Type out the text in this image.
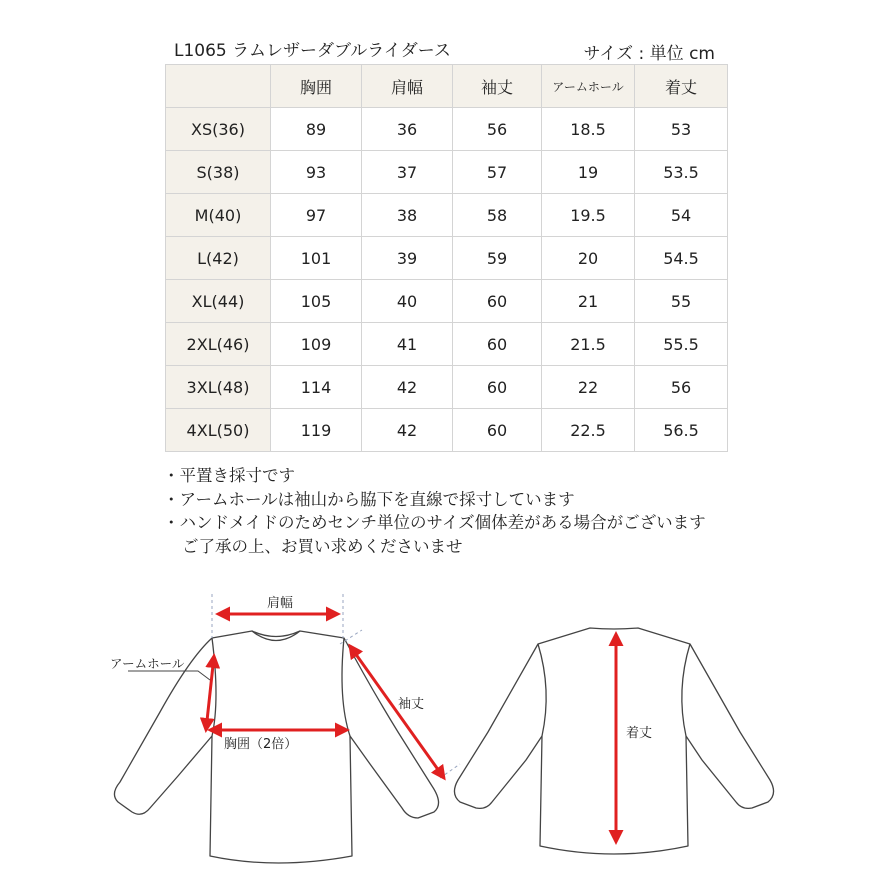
L1065 ラムレザーダブルライダース	サイズ : 単位 cm
	胸囲	肩幅	袖丈	アームホール	着丈
XS(36)	89	36	56	18.5	53
S(38)	93	37	57	19	53.5
M(40)	97	38	58	19.5	54
L(42)	101	39	59	20	54.5
XL(44)	105	40	60	21	55
2XL(46)	109	41	60	21.5	55.5
3XL(48)	114	42	60	22	56
4XL(50)	119	42	60	22.5	56.5
・平置き採寸です
・アームホールは袖山から脇下を直線で採寸しています
・ハンドメイドのためセンチ単位のサイズ個体差がある場合がございます
ご了承の上、お買い求めくださいませ
肩幅
アームホール
袖丈
胸囲（2倍）
着丈
